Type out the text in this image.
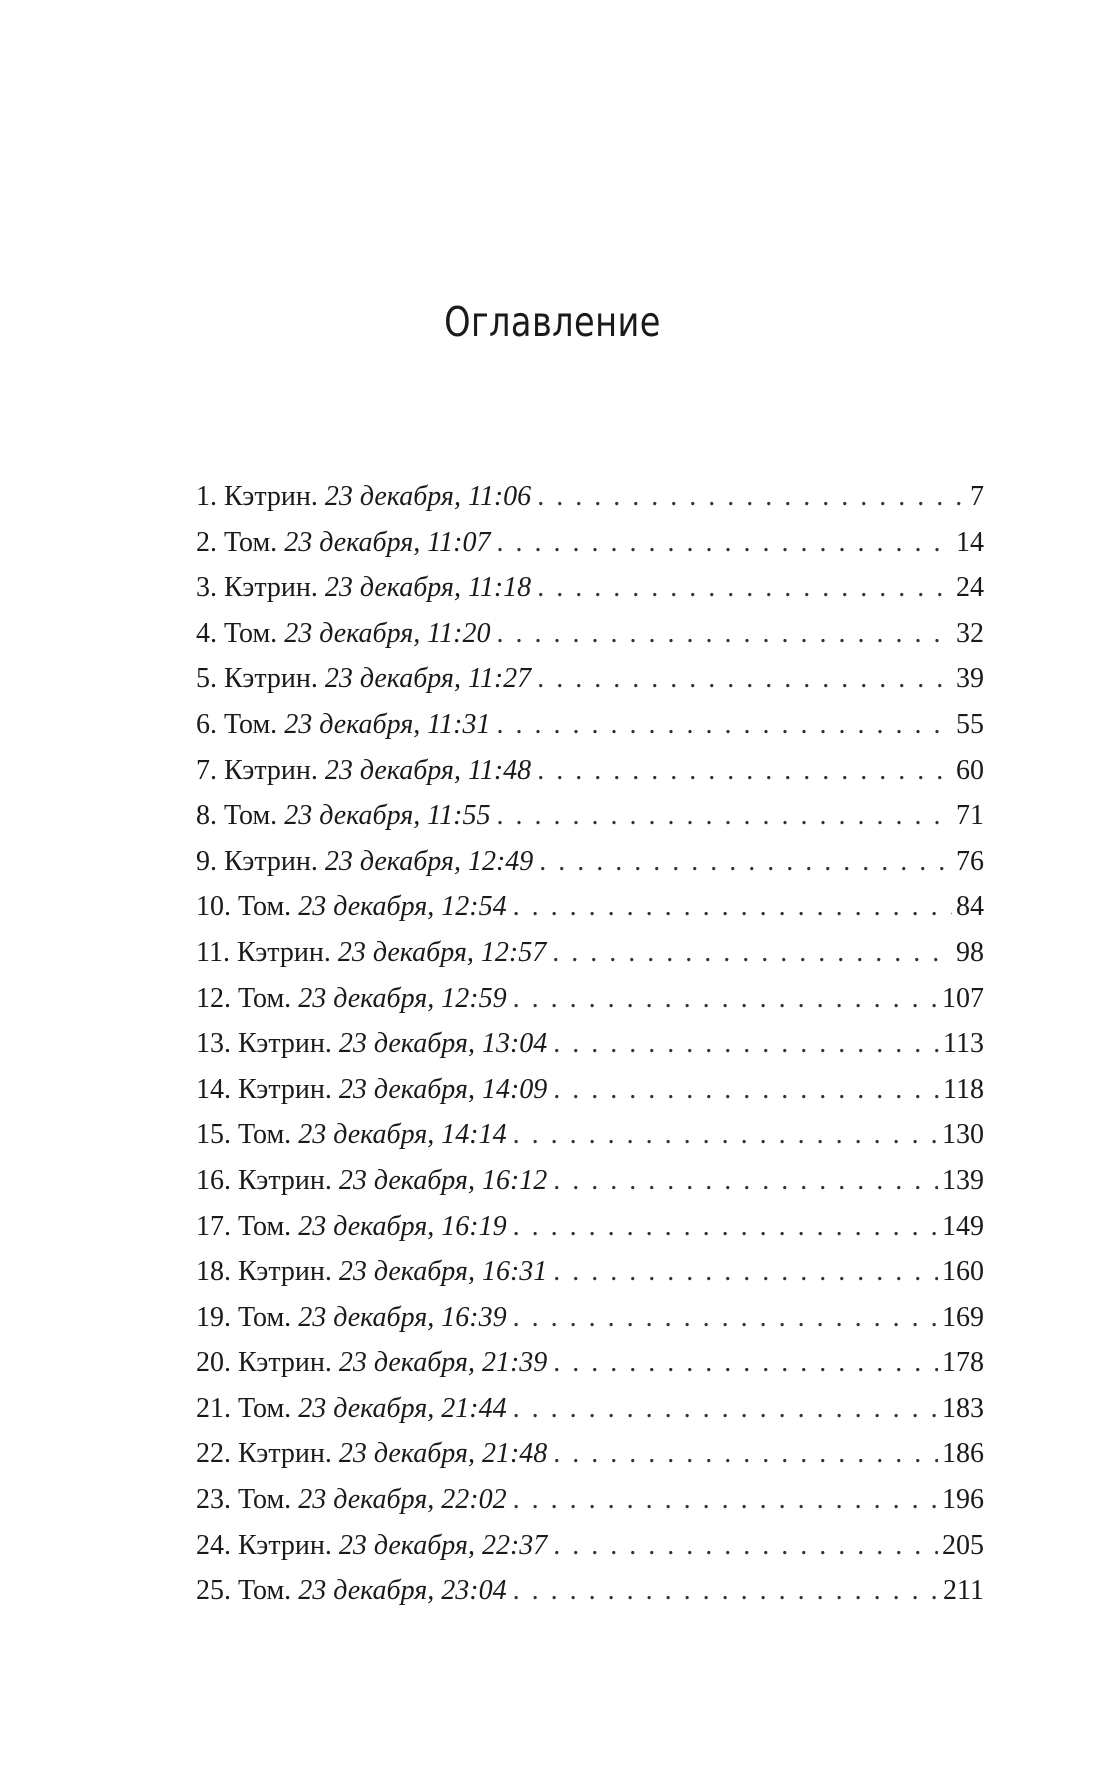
Оглавление
1. Кэтрин. 23 декабря, 11:06 . . .	7
2. Том. 23 декабря, 11:07 . . .	14
3. Кэтрин. 23 декабря, 11:18 . . .	24
4. Том. 23 декабря, 11:20 . . .	32
5. Кэтрин. 23 декабря, 11:27 . . .	39
6. Том. 23 декабря, 11:31 . . .	55
7. Кэтрин. 23 декабря, 11:48 . . .	60
8. Том. 23 декабря, 11:55 . . .	71
9. Кэтрин. 23 декабря, 12:49 . . .	76
10. Том. 23 декабря, 12:54 . . .	84
11. Кэтрин. 23 декабря, 12:57 . . .	98
12. Том. 23 декабря, 12:59 . . .	107
13. Кэтрин. 23 декабря, 13:04 . . .	113
14. Кэтрин. 23 декабря, 14:09 . . .	118
15. Том. 23 декабря, 14:14 . . .	130
16. Кэтрин. 23 декабря, 16:12 . . .	139
17. Том. 23 декабря, 16:19 . . .	149
18. Кэтрин. 23 декабря, 16:31 . . .	160
19. Том. 23 декабря, 16:39 . . .	169
20. Кэтрин. 23 декабря, 21:39 . . .	178
21. Том. 23 декабря, 21:44 . . .	183
22. Кэтрин. 23 декабря, 21:48 . . .	186
23. Том. 23 декабря, 22:02 . . .	196
24. Кэтрин. 23 декабря, 22:37 . . .	205
25. Том. 23 декабря, 23:04 . . .	211
